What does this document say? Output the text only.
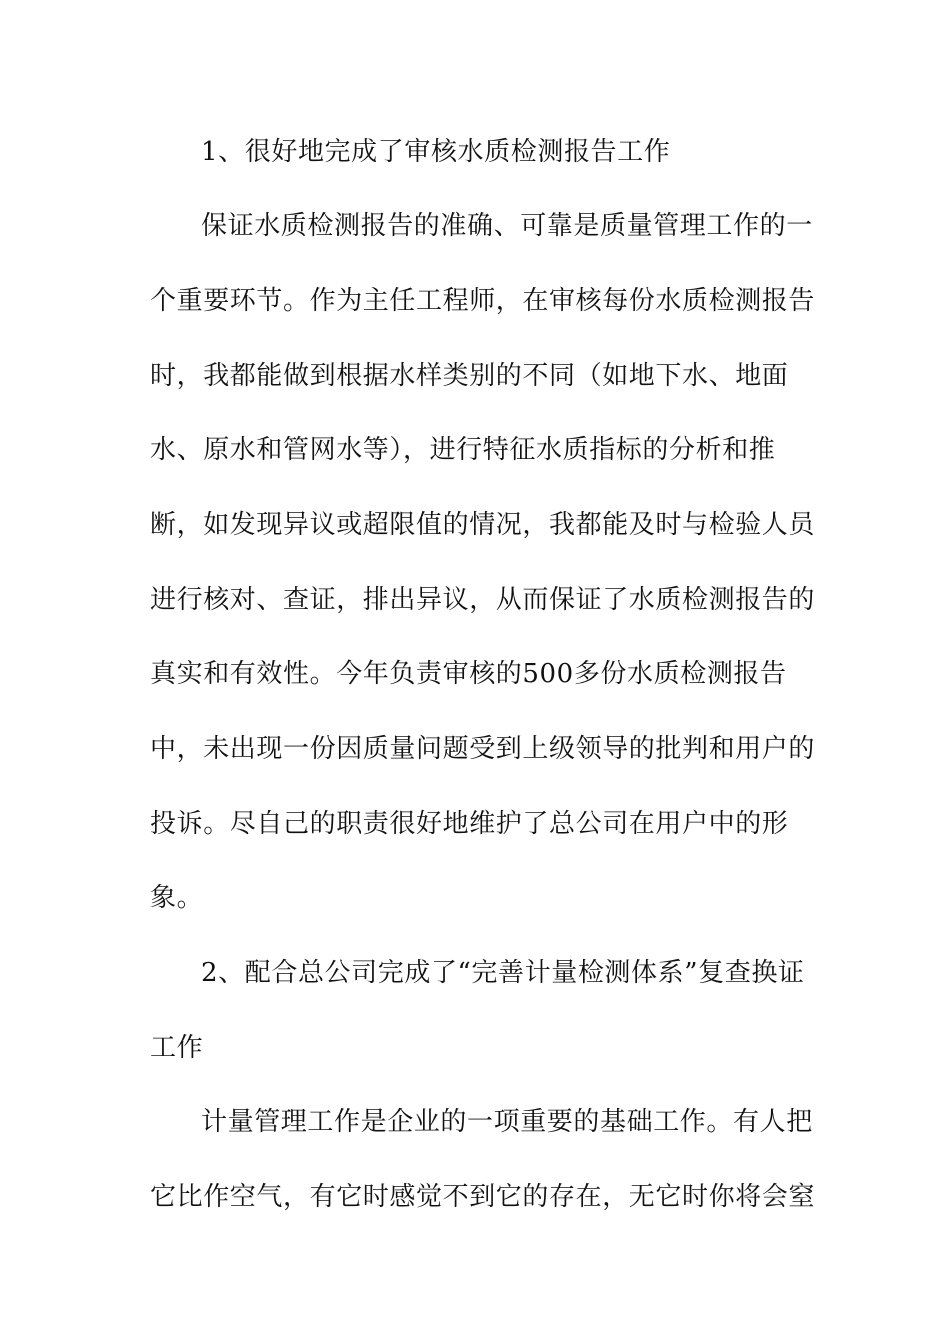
1、很好地完成了审核水质检测报告工作

保证水质检测报告的准确、可靠是质量管理工作的一

个重要环节。作为主任工程师，在审核每份水质检测报告

时，我都能做到根据水样类别的不同（如地下水、地面

水、原水和管网水等），进行特征水质指标的分析和推

断，如发现异议或超限值的情况，我都能及时与检验人员

进行核对、查证，排出异议，从而保证了水质检测报告的

真实和有效性。今年负责审核的500多份水质检测报告

中，未出现一份因质量问题受到上级领导的批判和用户的

投诉。尽自己的职责很好地维护了总公司在用户中的形

象。

2、配合总公司完成了“完善计量检测体系”复查换证

工作

计量管理工作是企业的一项重要的基础工作。有人把

它比作空气，有它时感觉不到它的存在，无它时你将会窒
